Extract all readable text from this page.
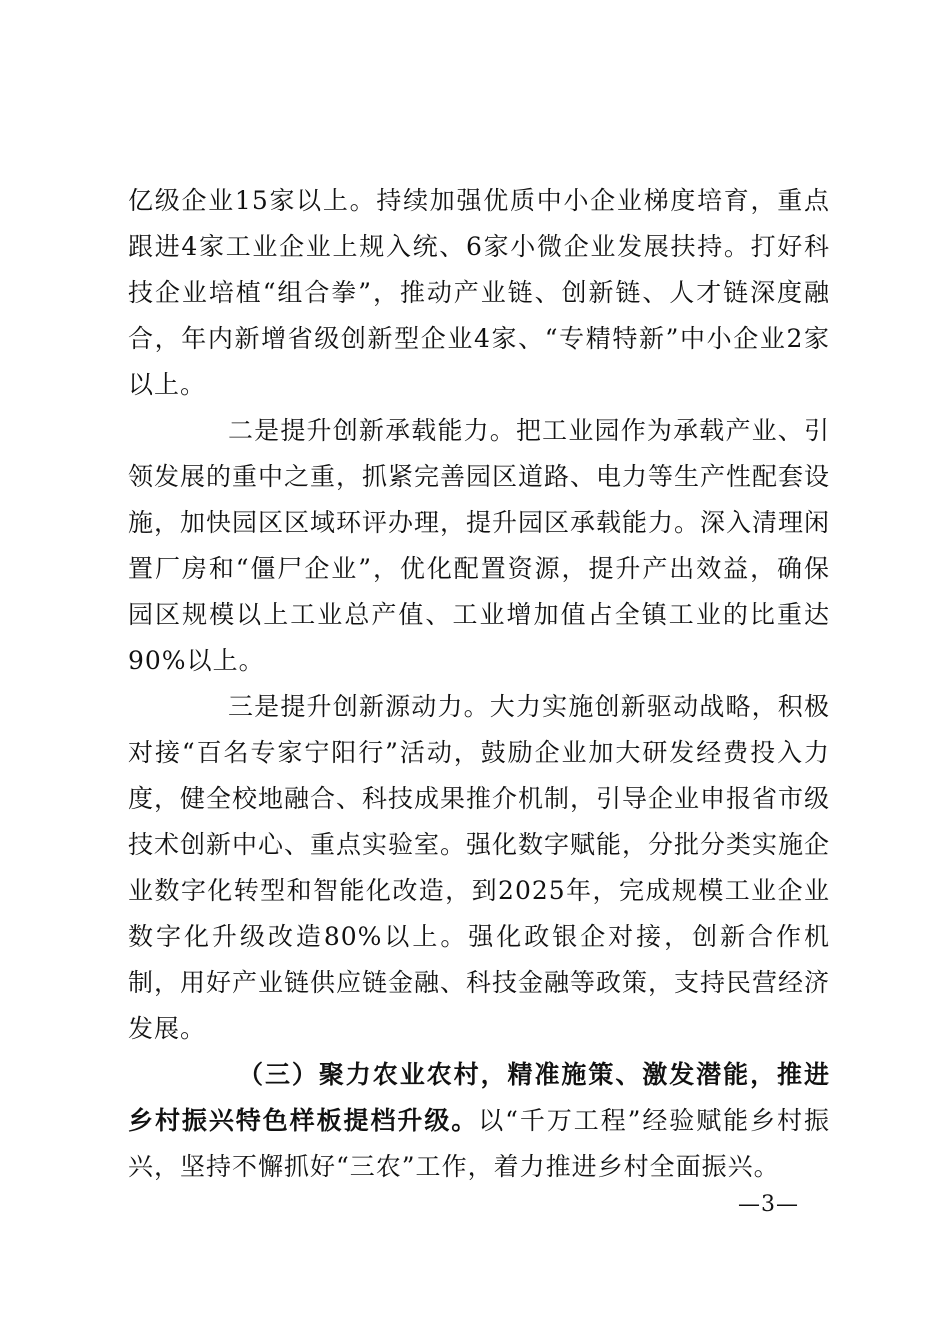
亿级企业15家以上。持续加强优质中小企业梯度培育，重点跟进4家工业企业上规入统、6家小微企业发展扶持。打好科技企业培植“组合拳”，推动产业链、创新链、人才链深度融合，年内新增省级创新型企业4家、“专精特新”中小企业2家以上。

二是提升创新承载能力。把工业园作为承载产业、引领发展的重中之重，抓紧完善园区道路、电力等生产性配套设施，加快园区区域环评办理，提升园区承载能力。深入清理闲置厂房和“僵尸企业”，优化配置资源，提升产出效益，确保园区规模以上工业总产值、工业增加值占全镇工业的比重达90%以上。

三是提升创新源动力。大力实施创新驱动战略，积极对接“百名专家宁阳行”活动，鼓励企业加大研发经费投入力度，健全校地融合、科技成果推介机制，引导企业申报省市级技术创新中心、重点实验室。强化数字赋能，分批分类实施企业数字化转型和智能化改造，到2025年，完成规模工业企业数字化升级改造80%以上。强化政银企对接，创新合作机制，用好产业链供应链金融、科技金融等政策，支持民营经济发展。

（三）聚力农业农村，精准施策、激发潜能，推进乡村振兴特色样板提档升级。以“千万工程”经验赋能乡村振兴，坚持不懈抓好“三农”工作，着力推进乡村全面振兴。

—3—
